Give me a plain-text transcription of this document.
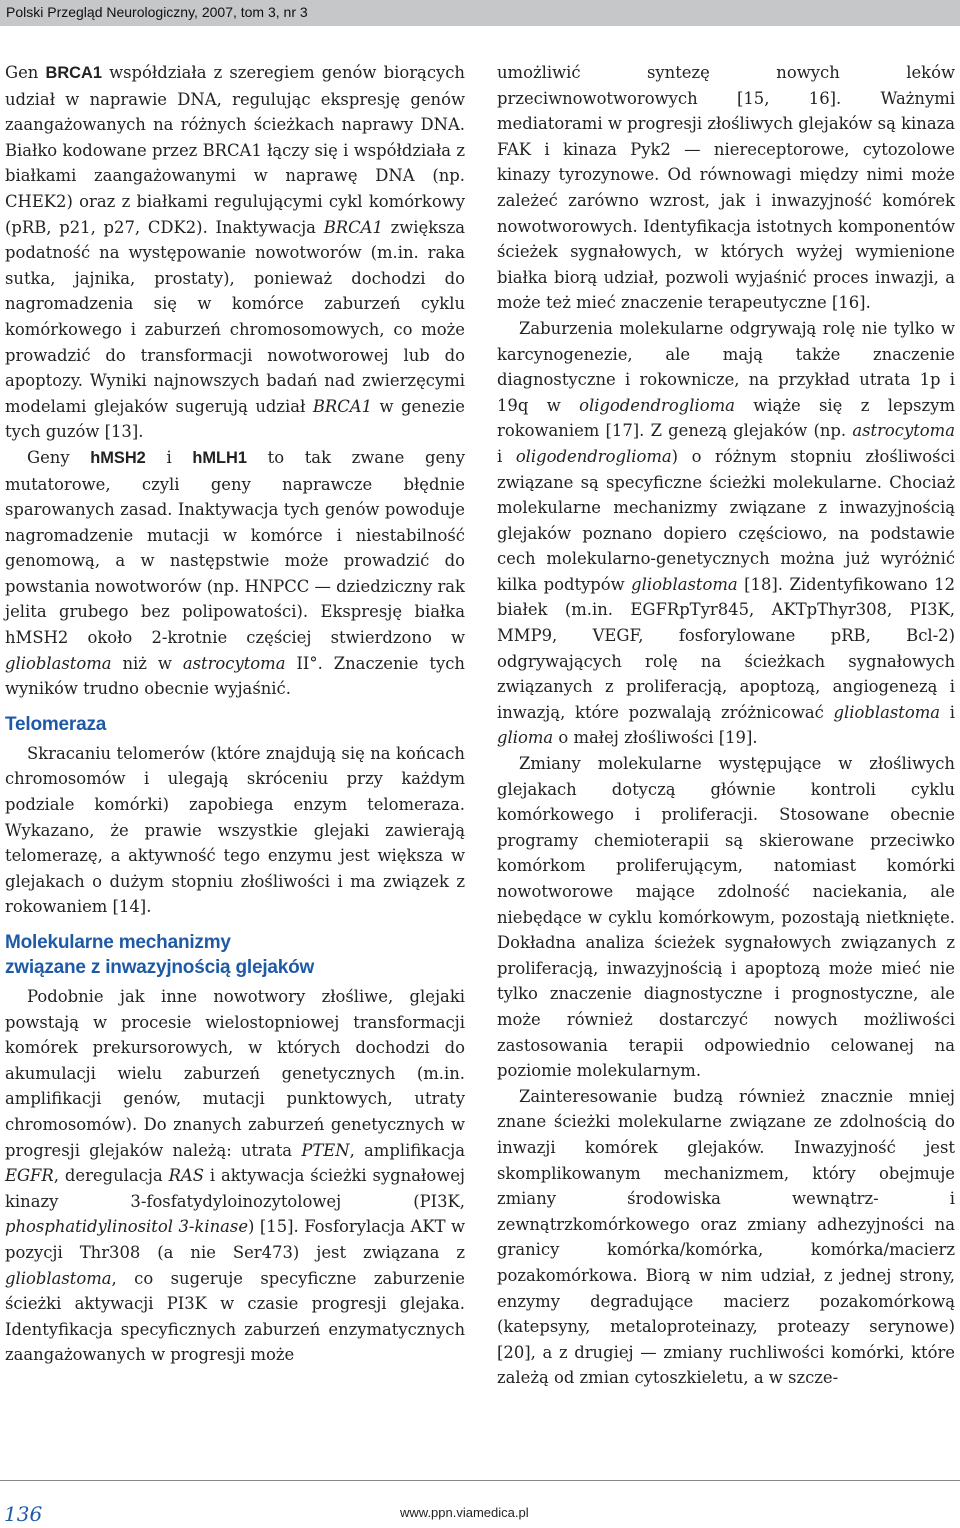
Polski Przegląd Neurologiczny, 2007, tom 3, nr 3

Gen BRCA1 współdziała z szeregiem genów biorących udział w naprawie DNA, regulując ekspresję genów zaangażowanych na różnych ścieżkach naprawy DNA. Białko kodowane przez BRCA1 łączy się i współdziała z białkami zaangażowanymi w naprawę DNA (np. CHEK2) oraz z białkami regulującymi cykl komórkowy (pRB, p21, p27, CDK2). Inaktywacja BRCA1 zwiększa podatność na występowanie nowotworów (m.in. raka sutka, jajnika, prostaty), ponieważ dochodzi do nagromadzenia się w komórce zaburzeń cyklu komórkowego i zaburzeń chromosomowych, co może prowadzić do transformacji nowotworowej lub do apoptozy. Wyniki najnowszych badań nad zwierzęcymi modelami glejaków sugerują udział BRCA1 w genezie tych guzów [13].

Geny hMSH2 i hMLH1 to tak zwane geny mutatorowe, czyli geny naprawcze błędnie sparowanych zasad. Inaktywacja tych genów powoduje nagromadzenie mutacji w komórce i niestabilność genomową, a w następstwie może prowadzić do powstania nowotworów (np. HNPCC — dziedziczny rak jelita grubego bez polipowatości). Ekspresję białka hMSH2 około 2-krotnie częściej stwierdzono w glioblastoma niż w astrocytoma II°. Znaczenie tych wyników trudno obecnie wyjaśnić.

Telomeraza

Skracaniu telomerów (które znajdują się na końcach chromosomów i ulegają skróceniu przy każdym podziale komórki) zapobiega enzym telomeraza. Wykazano, że prawie wszystkie glejaki zawierają telomerazę, a aktywność tego enzymu jest większa w glejakach o dużym stopniu złośliwości i ma związek z rokowaniem [14].

Molekularne mechanizmy
związane z inwazyjnością glejaków

Podobnie jak inne nowotwory złośliwe, glejaki powstają w procesie wielostopniowej transformacji komórek prekursorowych, w których dochodzi do akumulacji wielu zaburzeń genetycznych (m.in. amplifikacji genów, mutacji punktowych, utraty chromosomów). Do znanych zaburzeń genetycznych w progresji glejaków należą: utrata PTEN, amplifikacja EGFR, deregulacja RAS i aktywacja ścieżki sygnałowej kinazy 3-fosfatydyloinozytolowej (PI3K, phosphatidylinositol 3-kinase) [15]. Fosforylacja AKT w pozycji Thr308 (a nie Ser473) jest związana z glioblastoma, co sugeruje specyficzne zaburzenie ścieżki aktywacji PI3K w czasie progresji glejaka. Identyfikacja specyficznych zaburzeń enzymatycznych zaangażowanych w progresji może

umożliwić syntezę nowych leków przeciwnowotworowych [15, 16]. Ważnymi mediatorami w progresji złośliwych glejaków są kinaza FAK i kinaza Pyk2 — niereceptorowe, cytozolowe kinazy tyrozynowe. Od równowagi między nimi może zależeć zarówno wzrost, jak i inwazyjność komórek nowotworowych. Identyfikacja istotnych komponentów ścieżek sygnałowych, w których wyżej wymienione białka biorą udział, pozwoli wyjaśnić proces inwazji, a może też mieć znaczenie terapeutyczne [16].

Zaburzenia molekularne odgrywają rolę nie tylko w karcynogenezie, ale mają także znaczenie diagnostyczne i rokownicze, na przykład utrata 1p i 19q w oligodendroglioma wiąże się z lepszym rokowaniem [17]. Z genezą glejaków (np. astrocytoma i oligodendroglioma) o różnym stopniu złośliwości związane są specyficzne ścieżki molekularne. Chociaż molekularne mechanizmy związane z inwazyjnością glejaków poznano dopiero częściowo, na podstawie cech molekularno-genetycznych można już wyróżnić kilka podtypów glioblastoma [18]. Zidentyfikowano 12 białek (m.in. EGFRpTyr845, AKTpThyr308, PI3K, MMP9, VEGF, fosforylowane pRB, Bcl-2) odgrywających rolę na ścieżkach sygnałowych związanych z proliferacją, apoptozą, angiogenezą i inwazją, które pozwalają zróżnicować glioblastoma i glioma o małej złośliwości [19].

Zmiany molekularne występujące w złośliwych glejakach dotyczą głównie kontroli cyklu komórkowego i proliferacji. Stosowane obecnie programy chemioterapii są skierowane przeciwko komórkom proliferującym, natomiast komórki nowotworowe mające zdolność naciekania, ale niebędące w cyklu komórkowym, pozostają nietknięte. Dokładna analiza ścieżek sygnałowych związanych z proliferacją, inwazyjnością i apoptozą może mieć nie tylko znaczenie diagnostyczne i prognostyczne, ale może również dostarczyć nowych możliwości zastosowania terapii odpowiednio celowanej na poziomie molekularnym.

Zainteresowanie budzą również znacznie mniej znane ścieżki molekularne związane ze zdolnością do inwazji komórek glejaków. Inwazyjność jest skomplikowanym mechanizmem, który obejmuje zmiany środowiska wewnątrz- i zewnątrzkomórkowego oraz zmiany adhezyjności na granicy komórka/komórka, komórka/macierz pozakomórkowa. Biorą w nim udział, z jednej strony, enzymy degradujące macierz pozakomórkową (katepsyny, metaloproteinazy, proteazy serynowe) [20], a z drugiej — zmiany ruchliwości komórki, które zależą od zmian cytoszkieletu, a w szcze-

136	www.ppn.viamedica.pl
